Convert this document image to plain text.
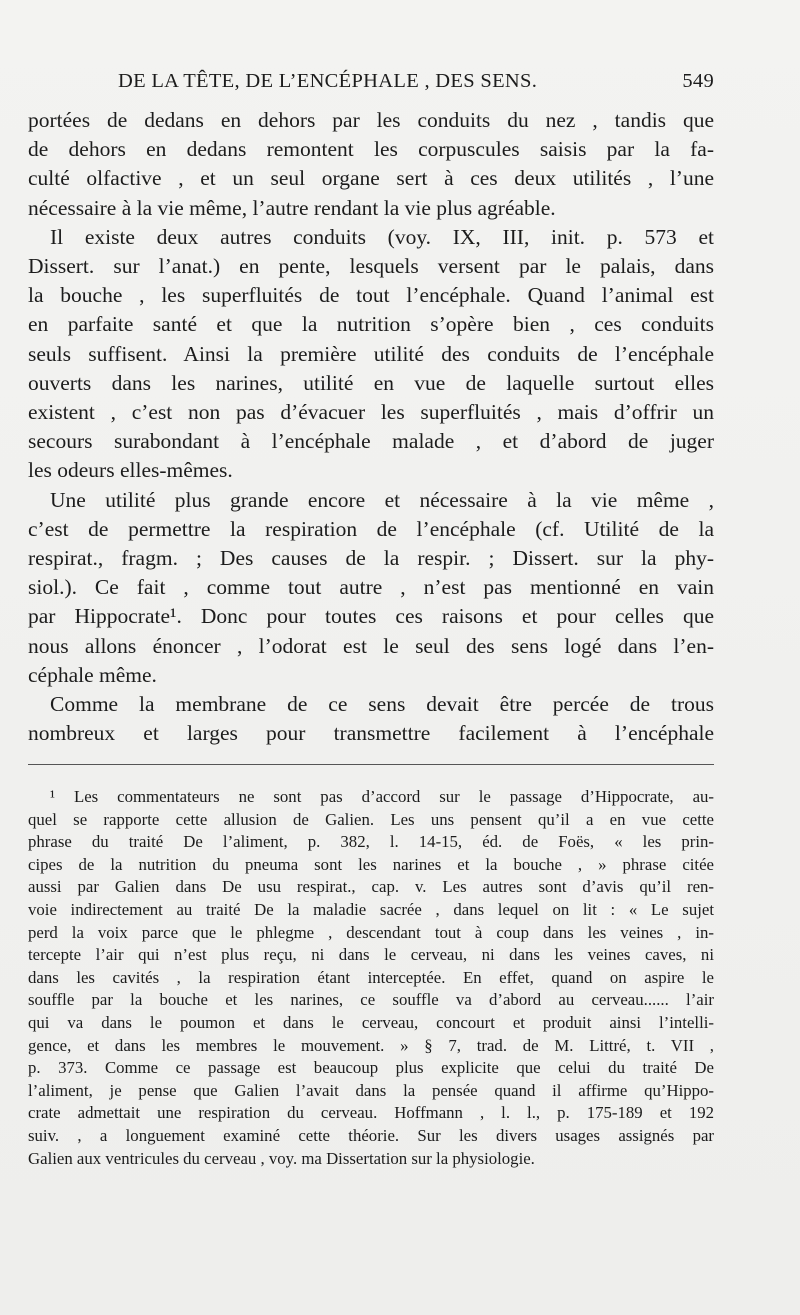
DE LA TÊTE, DE L’ENCÉPHALE , DES SENS.	549
portées de dedans en dehors par les conduits du nez , tandis que
de dehors en dedans remontent les corpuscules saisis par la fa-
culté olfactive , et un seul organe sert à ces deux utilités , l’une
nécessaire à la vie même, l’autre rendant la vie plus agréable.
Il existe deux autres conduits (voy. IX, III, init. p. 573 et
Dissert. sur l’anat.) en pente, lesquels versent par le palais, dans
la bouche , les superfluités de tout l’encéphale. Quand l’animal est
en parfaite santé et que la nutrition s’opère bien , ces conduits
seuls suffisent. Ainsi la première utilité des conduits de l’encéphale
ouverts dans les narines, utilité en vue de laquelle surtout elles
existent , c’est non pas d’évacuer les superfluités , mais d’offrir un
secours surabondant à l’encéphale malade , et d’abord de juger
les odeurs elles-mêmes.
Une utilité plus grande encore et nécessaire à la vie même ,
c’est de permettre la respiration de l’encéphale (cf. Utilité de la
respirat., fragm. ; Des causes de la respir. ; Dissert. sur la phy-
siol.). Ce fait , comme tout autre , n’est pas mentionné en vain
par Hippocrate¹. Donc pour toutes ces raisons et pour celles que
nous allons énoncer , l’odorat est le seul des sens logé dans l’en-
céphale même.
Comme la membrane de ce sens devait être percée de trous
nombreux et larges pour transmettre facilement à l’encéphale
¹ Les commentateurs ne sont pas d’accord sur le passage d’Hippocrate, au-
quel se rapporte cette allusion de Galien. Les uns pensent qu’il a en vue cette
phrase du traité De l’aliment, p. 382, l. 14-15, éd. de Foës, « les prin-
cipes de la nutrition du pneuma sont les narines et la bouche , » phrase citée
aussi par Galien dans De usu respirat., cap. v. Les autres sont d’avis qu’il ren-
voie indirectement au traité De la maladie sacrée , dans lequel on lit : « Le sujet
perd la voix parce que le phlegme , descendant tout à coup dans les veines , in-
tercepte l’air qui n’est plus reçu, ni dans le cerveau, ni dans les veines caves, ni
dans les cavités , la respiration étant interceptée. En effet, quand on aspire le
souffle par la bouche et les narines, ce souffle va d’abord au cerveau...... l’air
qui va dans le poumon et dans le cerveau, concourt et produit ainsi l’intelli-
gence, et dans les membres le mouvement. » § 7, trad. de M. Littré, t. VII ,
p. 373. Comme ce passage est beaucoup plus explicite que celui du traité De
l’aliment, je pense que Galien l’avait dans la pensée quand il affirme qu’Hippo-
crate admettait une respiration du cerveau. Hoffmann , l. l., p. 175-189 et 192
suiv. , a longuement examiné cette théorie. Sur les divers usages assignés par
Galien aux ventricules du cerveau , voy. ma Dissertation sur la physiologie.
